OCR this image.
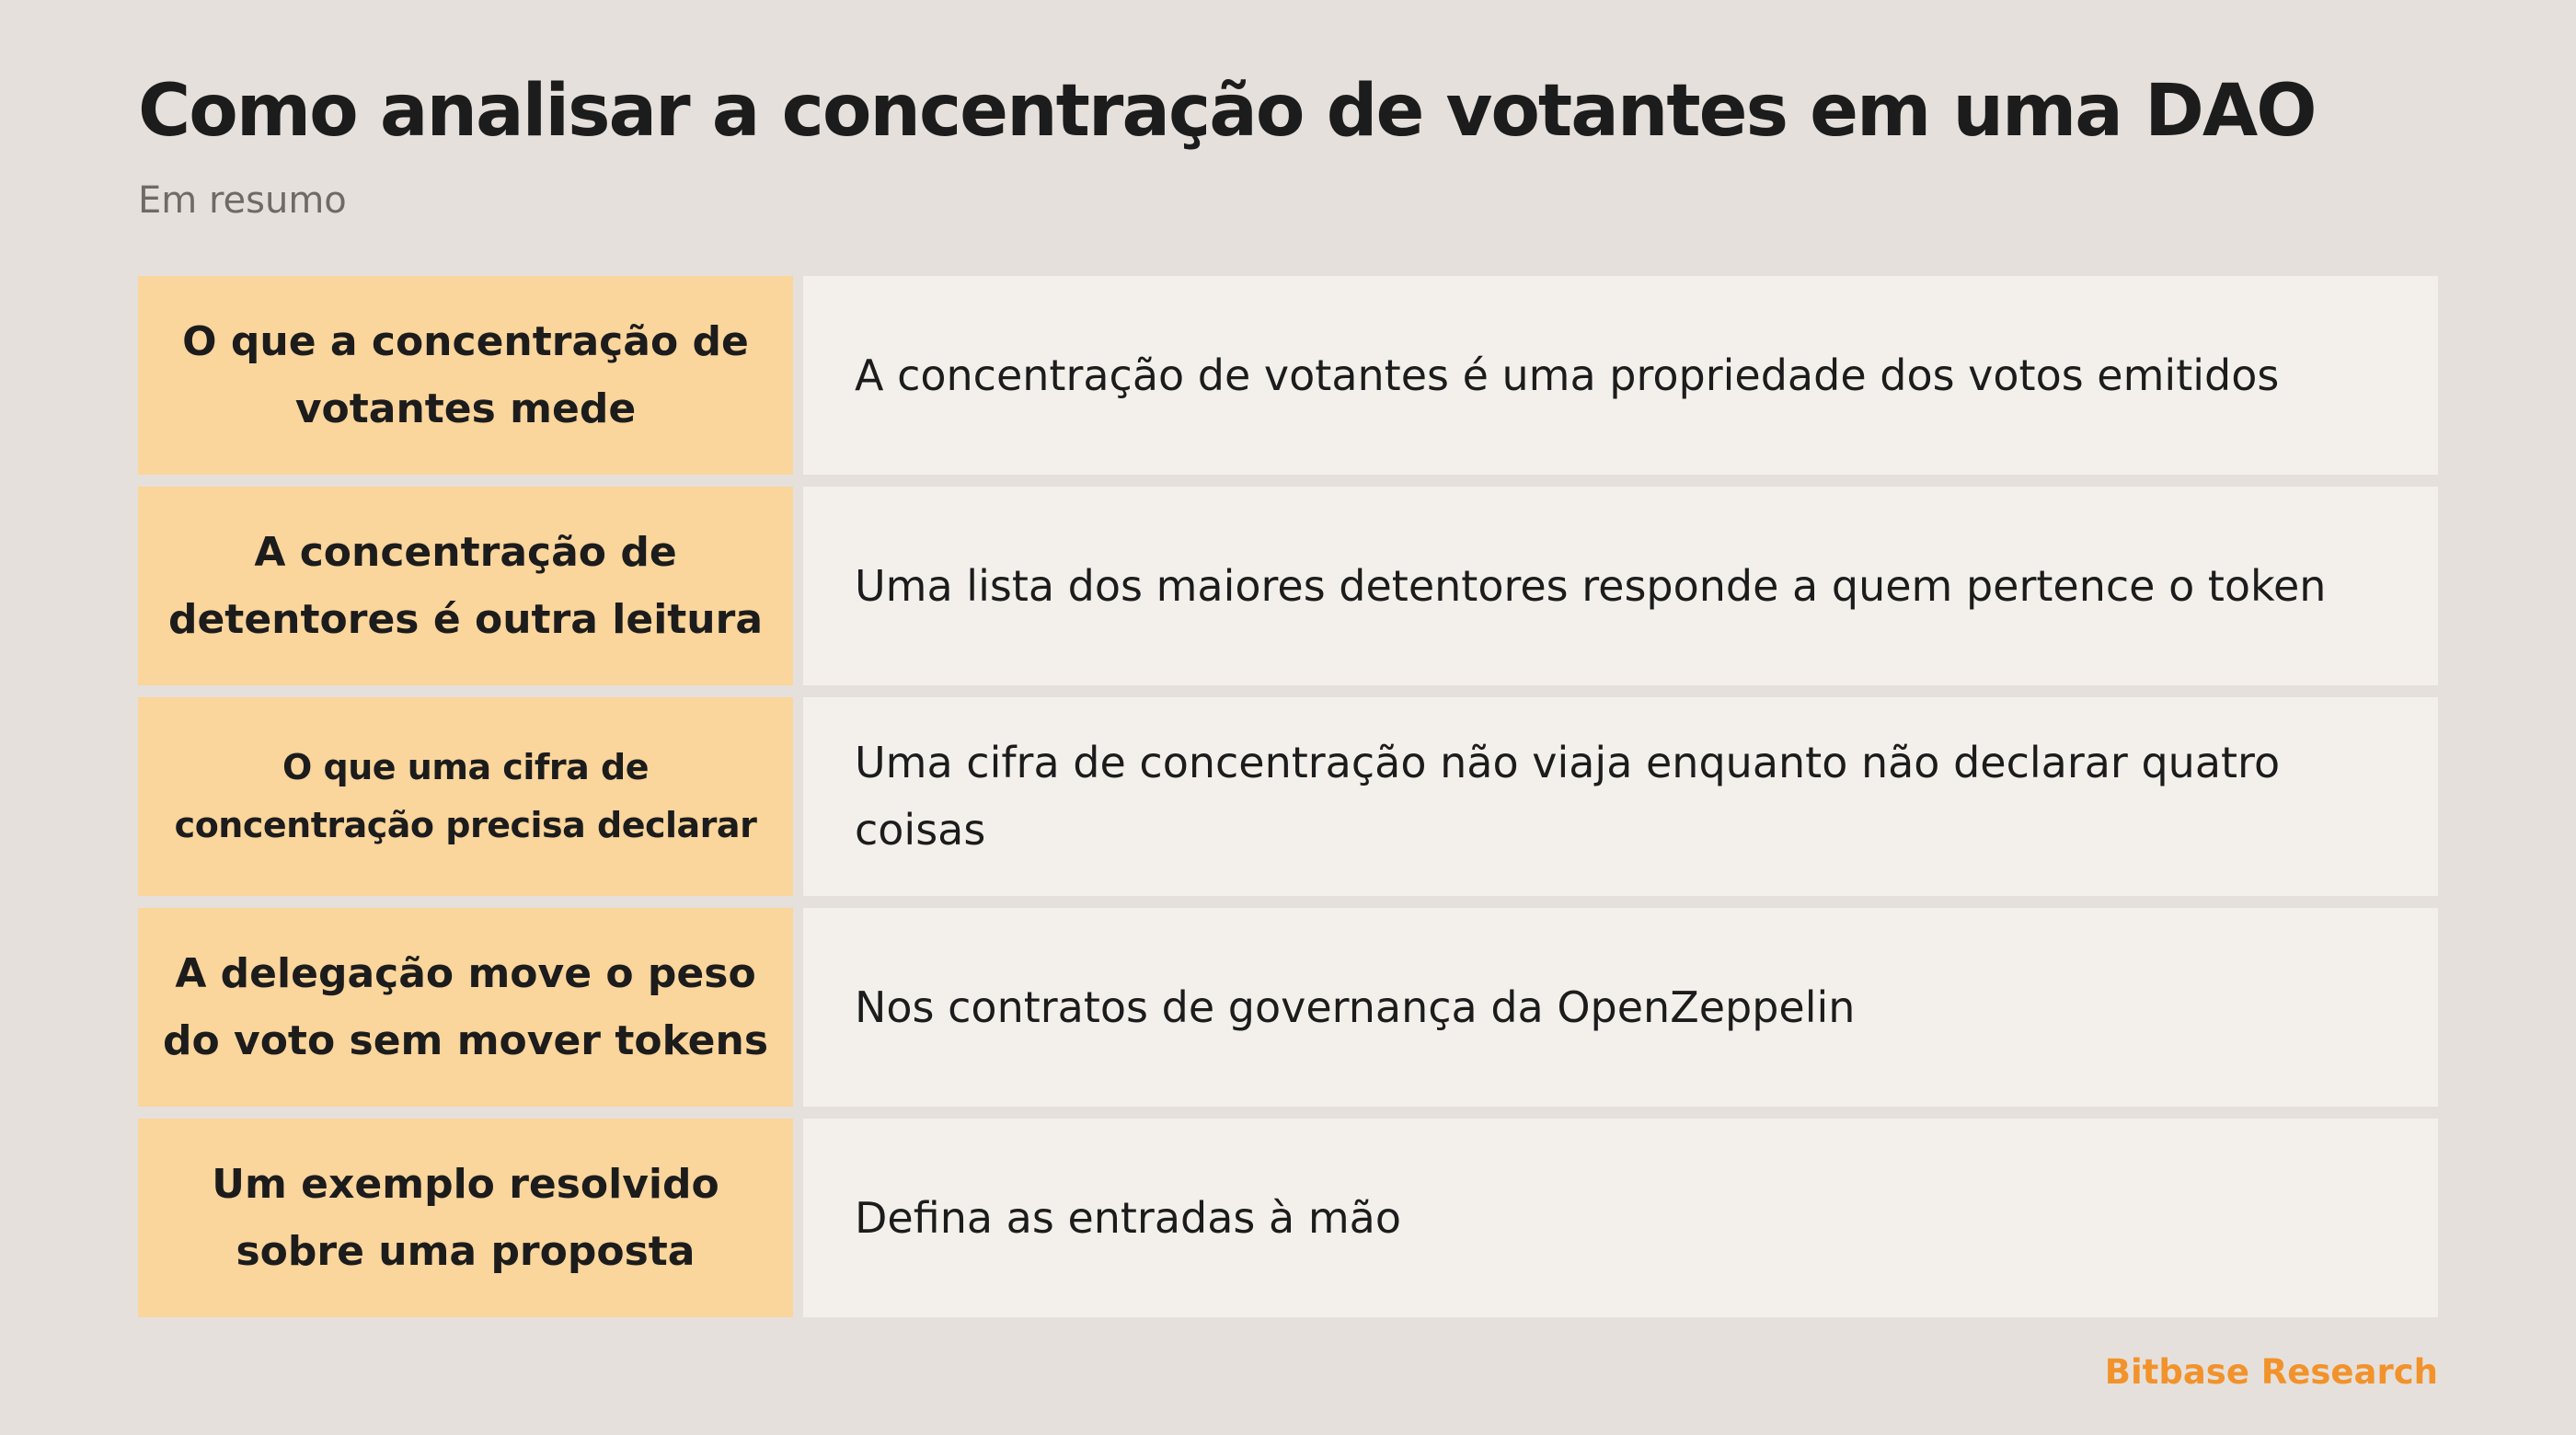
Como analisar a concentração de votantes em uma DAO

Em resumo

O que a concentração de votantes mede
A concentração de votantes é uma propriedade dos votos emitidos
A concentração de detentores é outra leitura
Uma lista dos maiores detentores responde a quem pertence o token
O que uma cifra de concentração precisa declarar
Uma cifra de concentração não viaja enquanto não declarar quatro coisas
A delegação move o peso do voto sem mover tokens
Nos contratos de governança da OpenZeppelin
Um exemplo resolvido sobre uma proposta
Defina as entradas à mão
Bitbase Research
